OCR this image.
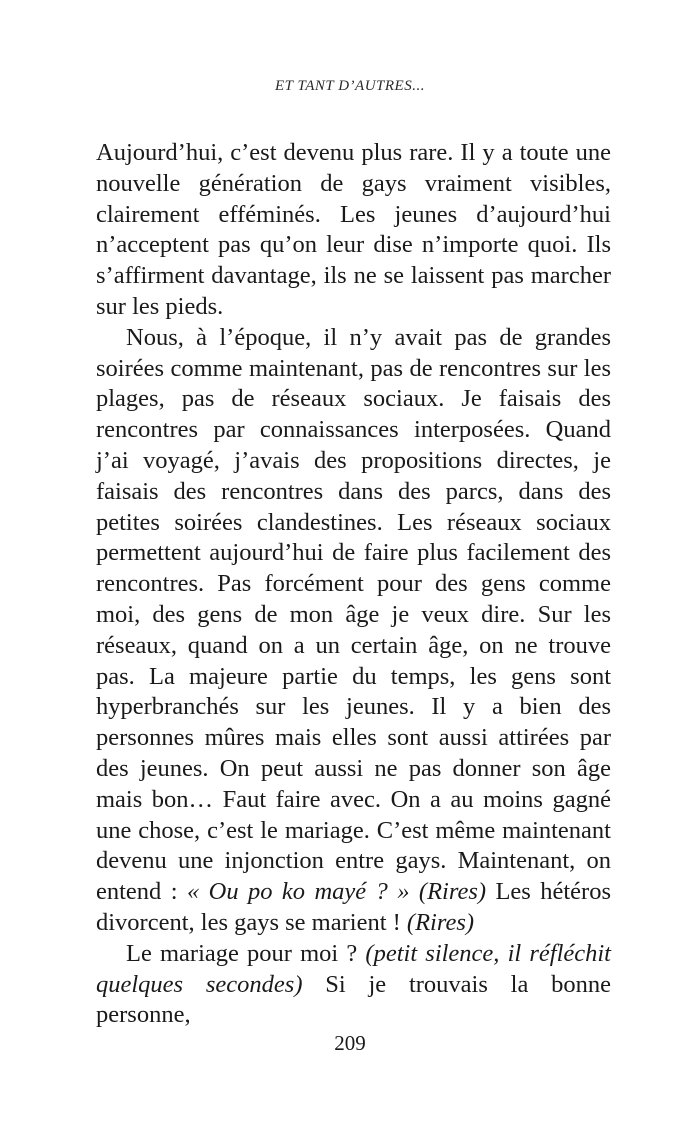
ET TANT D’AUTRES...

Aujourd’hui, c’est devenu plus rare. Il y a toute une nouvelle génération de gays vraiment visibles, clairement efféminés. Les jeunes d’aujourd’hui n’acceptent pas qu’on leur dise n’importe quoi. Ils s’affirment davantage, ils ne se laissent pas marcher sur les pieds.

Nous, à l’époque, il n’y avait pas de grandes soirées comme maintenant, pas de rencontres sur les plages, pas de réseaux sociaux. Je faisais des rencontres par connaissances interposées. Quand j’ai voyagé, j’avais des propositions directes, je faisais des rencontres dans des parcs, dans des petites soirées clandestines. Les réseaux sociaux permettent aujourd’hui de faire plus facilement des rencontres. Pas forcément pour des gens comme moi, des gens de mon âge je veux dire. Sur les réseaux, quand on a un certain âge, on ne trouve pas. La majeure partie du temps, les gens sont hyperbranchés sur les jeunes. Il y a bien des personnes mûres mais elles sont aussi attirées par des jeunes. On peut aussi ne pas donner son âge mais bon… Faut faire avec. On a au moins gagné une chose, c’est le mariage. C’est même maintenant devenu une injonction entre gays. Maintenant, on entend : « Ou po ko mayé ? » (Rires) Les hétéros divorcent, les gays se marient ! (Rires)

Le mariage pour moi ? (petit silence, il réfléchit quelques secondes) Si je trouvais la bonne personne,

209
